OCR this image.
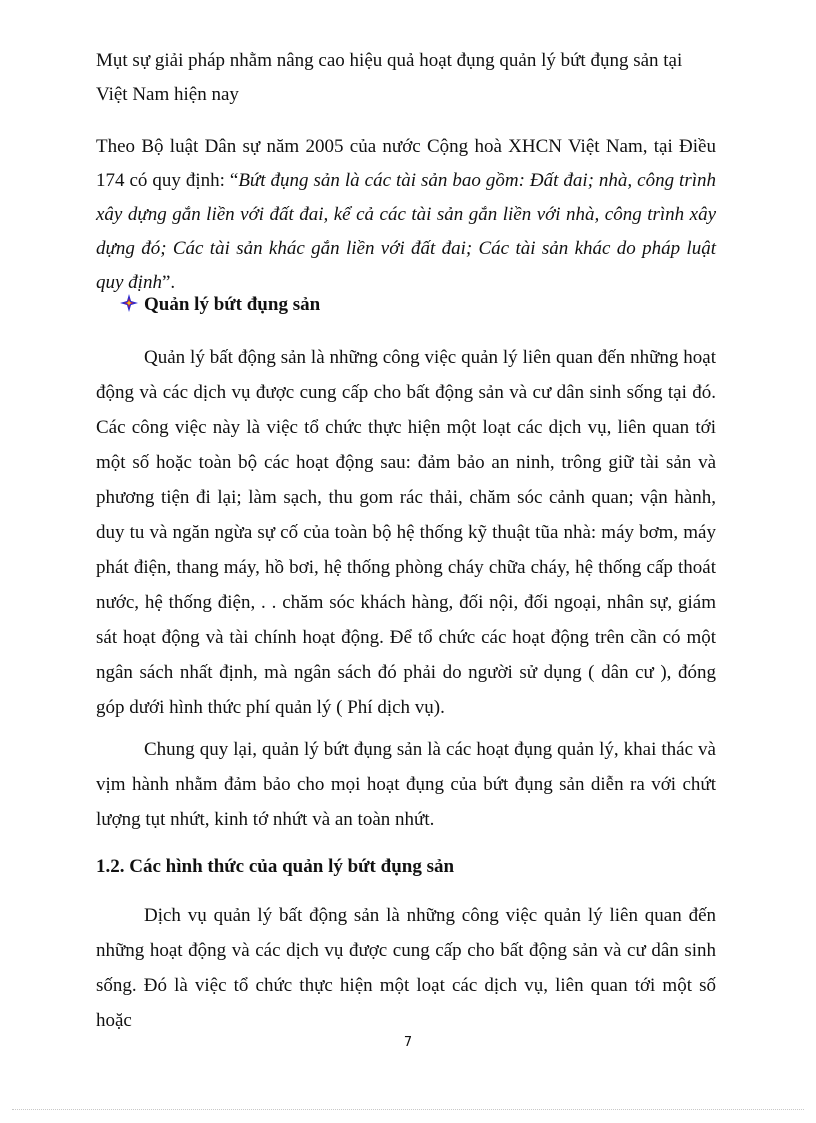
Mụt sự giải pháp nhằm nâng cao hiệu quả hoạt đụng quản lý bứt đụng sản tại Việt Nam hiện nay
Theo Bộ luật Dân sự năm 2005 của nước Cộng hoà XHCN Việt Nam, tại Điều 174 có quy định: “Bứt đụng sản là các tài sản bao gồm: Đất đai; nhà, công trình xây dựng gắn liền với đất đai, kể cả các tài sản gắn liền với nhà, công trình xây dựng đó; Các tài sản khác gắn liền với đất đai; Các tài sản khác do pháp luật quy định”.
Quản lý bứt đụng sản
Quản lý bất động sản là những công việc quản lý liên quan đến những hoạt động và các dịch vụ được cung cấp cho bất động sản và cư dân sinh sống tại đó. Các công việc này là việc tổ chức thực hiện một loạt các dịch vụ, liên quan tới một số hoặc toàn bộ các hoạt động sau: đảm bảo an ninh, trông giữ tài sản và phương tiện đi lại; làm sạch, thu gom rác thải, chăm sóc cảnh quan; vận hành, duy tu và ngăn ngừa sự cố của toàn bộ hệ thống kỹ thuật tũa nhà: máy bơm, máy phát điện, thang máy, hồ bơi, hệ thống phòng cháy chữa cháy, hệ thống cấp thoát nước, hệ thống điện, . . chăm sóc khách hàng, đối nội, đối ngoại, nhân sự, giám sát hoạt động và tài chính hoạt động. Để tổ chức các hoạt động trên cần có một ngân sách nhất định, mà ngân sách đó phải do người sử dụng ( dân cư ), đóng góp dưới hình thức phí quản lý ( Phí dịch vụ).
Chung quy lại, quản lý bứt đụng sản là các hoạt đụng quản lý, khai thác và vịm hành nhằm đảm bảo cho mọi hoạt đụng của bứt đụng sản diễn ra với chứt lượng tụt nhứt, kinh tớ nhứt và an toàn nhứt.
1.2. Các hình thức của quản lý bứt đụng sản
Dịch vụ quản lý bất động sản là những công việc quản lý liên quan đến những hoạt động và các dịch vụ được cung cấp cho bất động sản và cư dân sinh sống. Đó là việc tổ chức thực hiện một loạt các dịch vụ, liên quan tới một số hoặc
7
